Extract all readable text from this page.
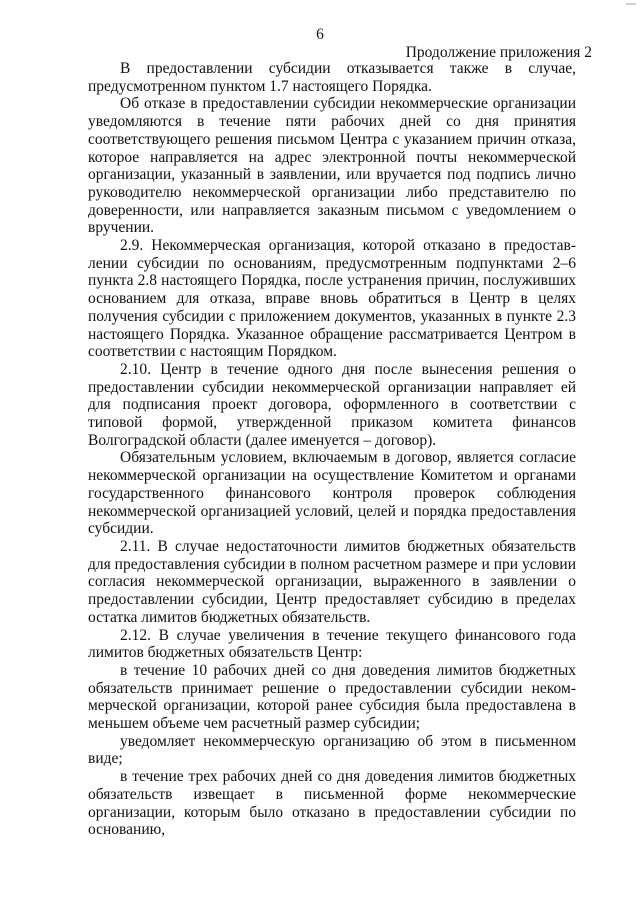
6
Продолжение приложения 2

В предоставлении субсидии отказывается также в случае, предусмотренном пунктом 1.7 настоящего Порядка.

Об отказе в предоставлении субсидии некоммерческие организации уведомляются в течение пяти рабочих дней со дня принятия соответствующего решения письмом Центра с указанием причин отказа, которое направляется на адрес электронной почты некоммерческой организации, указанный в заявлении, или вручается под подпись лично руководителю некоммерческой организации либо представителю по доверенности, или направляется заказным письмом с уведомлением о вручении.

2.9. Некоммерческая организация, которой отказано в предоставлении субсидии по основаниям, предусмотренным подпунктами 2–6 пункта 2.8 настоящего Порядка, после устранения причин, послуживших основанием для отказа, вправе вновь обратиться в Центр в целях получения субсидии с приложением документов, указанных в пункте 2.3 настоящего Порядка. Указанное обращение рассматривается Центром в соответствии с настоящим Порядком.

2.10. Центр в течение одного дня после вынесения решения о предоставлении субсидии некоммерческой организации направляет ей для подписания проект договора, оформленного в соответствии с типовой формой, утвержденной приказом комитета финансов Волгоградской области (далее именуется – договор).

Обязательным условием, включаемым в договор, является согласие некоммерческой организации на осуществление Комитетом и органами государственного финансового контроля проверок соблюдения некоммерческой организацией условий, целей и порядка предоставления субсидии.

2.11. В случае недостаточности лимитов бюджетных обязательств для предоставления субсидии в полном расчетном размере и при условии согласия некоммерческой организации, выраженного в заявлении о предоставлении субсидии, Центр предоставляет субсидию в пределах остатка лимитов бюджетных обязательств.

2.12. В случае увеличения в течение текущего финансового года лимитов бюджетных обязательств Центр:

в течение 10 рабочих дней со дня доведения лимитов бюджетных обязательств принимает решение о предоставлении субсидии некоммерческой организации, которой ранее субсидия была предоставлена в меньшем объеме чем расчетный размер субсидии;

уведомляет некоммерческую организацию об этом в письменном виде;

в течение трех рабочих дней со дня доведения лимитов бюджетных обязательств извещает в письменной форме некоммерческие организации, которым было отказано в предоставлении субсидии по основанию,
